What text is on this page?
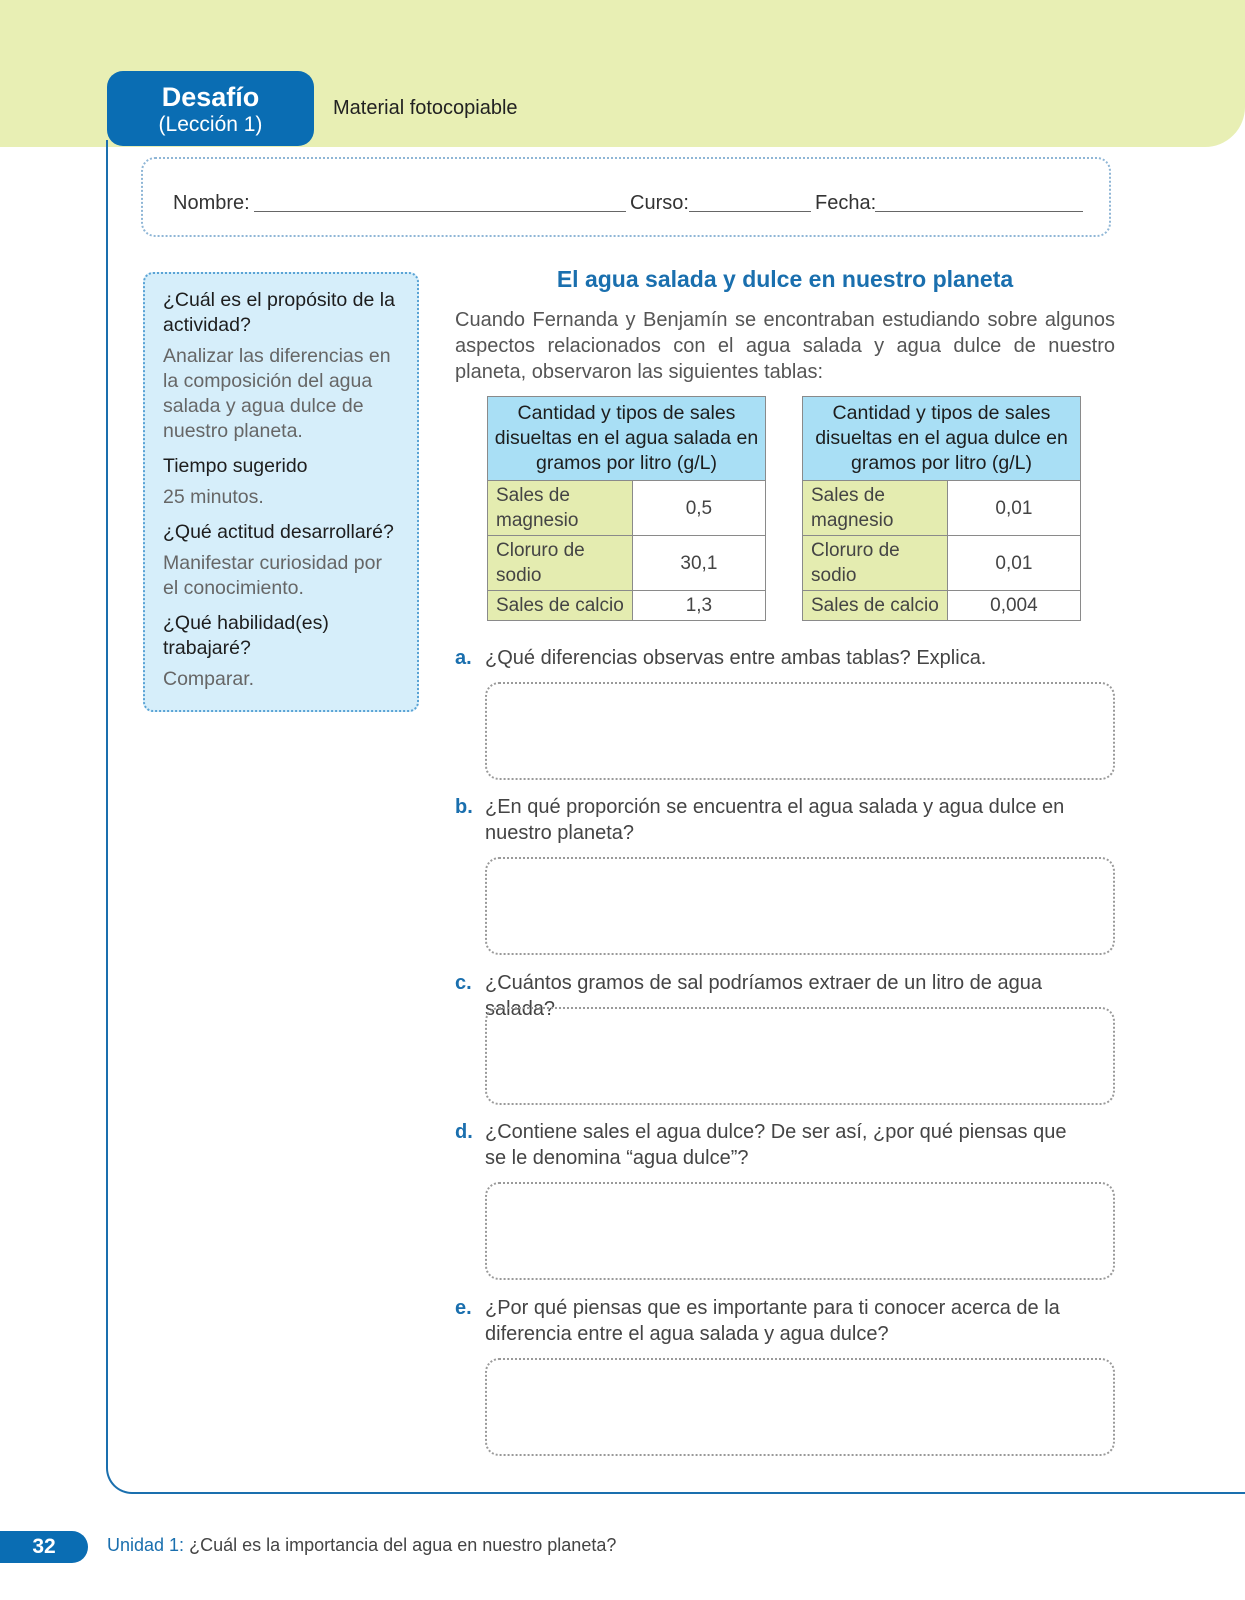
Desafío
(Lección 1)
Material fotocopiable
Nombre:	Curso:	Fecha:

¿Cuál es el propósito de la actividad?

Analizar las diferencias en la composición del agua salada y agua dulce de nuestro planeta.

Tiempo sugerido

25 minutos.

¿Qué actitud desarrollaré?

Manifestar curiosidad por el conocimiento.

¿Qué habilidad(es) trabajaré?

Comparar.

El agua salada y dulce en nuestro planeta

Cuando Fernanda y Benjamín se encontraban estudiando sobre algunos aspectos relacionados con el agua salada y agua dulce de nuestro planeta, observaron las siguientes tablas:

Cantidad y tipos de sales disueltas en el agua salada en gramos por litro (g/L)	
Sales de magnesio	0,5
Cloruro de sodio	30,1
Sales de calcio	1,3
Cantidad y tipos de sales disueltas en el agua dulce en gramos por litro (g/L)	
Sales de magnesio	0,01
Cloruro de sodio	0,01
Sales de calcio	0,004
a. ¿Qué diferencias observas entre ambas tablas? Explica.
b. ¿En qué proporción se encuentra el agua salada y agua dulce en nuestro planeta?
c. ¿Cuántos gramos de sal podríamos extraer de un litro de agua salada?
d. ¿Contiene sales el agua dulce? De ser así, ¿por qué piensas que se le denomina “agua dulce”?
e. ¿Por qué piensas que es importante para ti conocer acerca de la diferencia entre el agua salada y agua dulce?
32	Unidad 1: ¿Cuál es la importancia del agua en nuestro planeta?
